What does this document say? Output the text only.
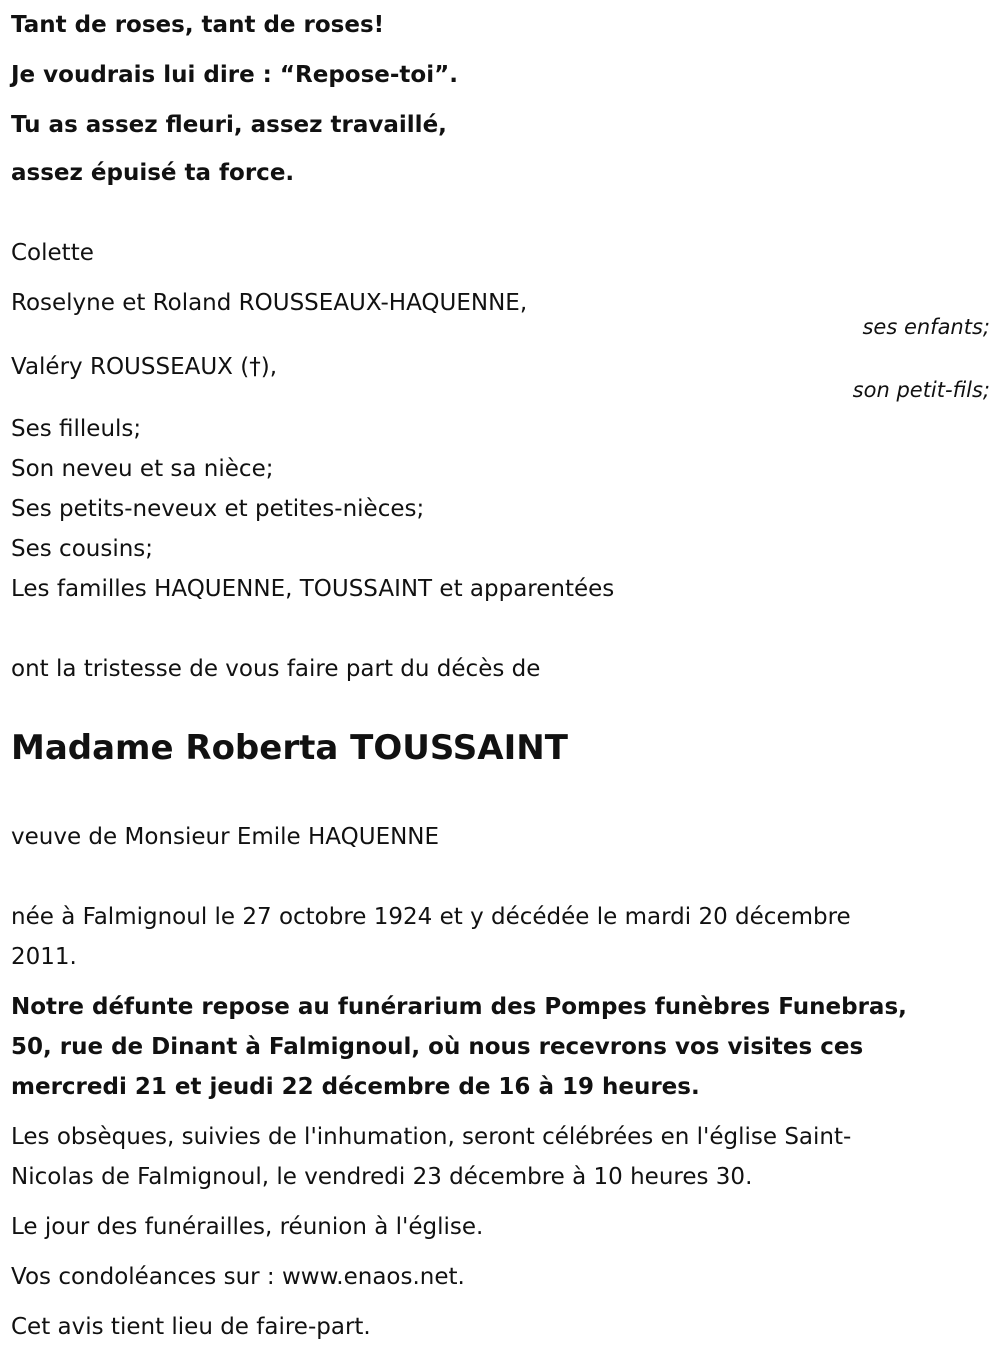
Tant de roses, tant de roses!
Je voudrais lui dire : “Repose-toi”.
Tu as assez fleuri, assez travaillé,
assez épuisé ta force.
Colette
Roselyne et Roland ROUSSEAUX-HAQUENNE,
ses enfants;
Valéry ROUSSEAUX (†),
son petit-fils;
Ses filleuls;
Son neveu et sa nièce;
Ses petits-neveux et petites-nièces;
Ses cousins;
Les familles HAQUENNE, TOUSSAINT et apparentées
ont la tristesse de vous faire part du décès de
Madame Roberta TOUSSAINT
veuve de Monsieur Emile HAQUENNE
née à Falmignoul le 27 octobre 1924 et y décédée le mardi 20 décembre
2011.
Notre défunte repose au funérarium des Pompes funèbres Funebras,
50, rue de Dinant à Falmignoul, où nous recevrons vos visites ces
mercredi 21 et jeudi 22 décembre de 16 à 19 heures.
Les obsèques, suivies de l'inhumation, seront célébrées en l'église Saint-
Nicolas de Falmignoul, le vendredi 23 décembre à 10 heures 30.
Le jour des funérailles, réunion à l'église.
Vos condoléances sur : www.enaos.net.
Cet avis tient lieu de faire-part.
